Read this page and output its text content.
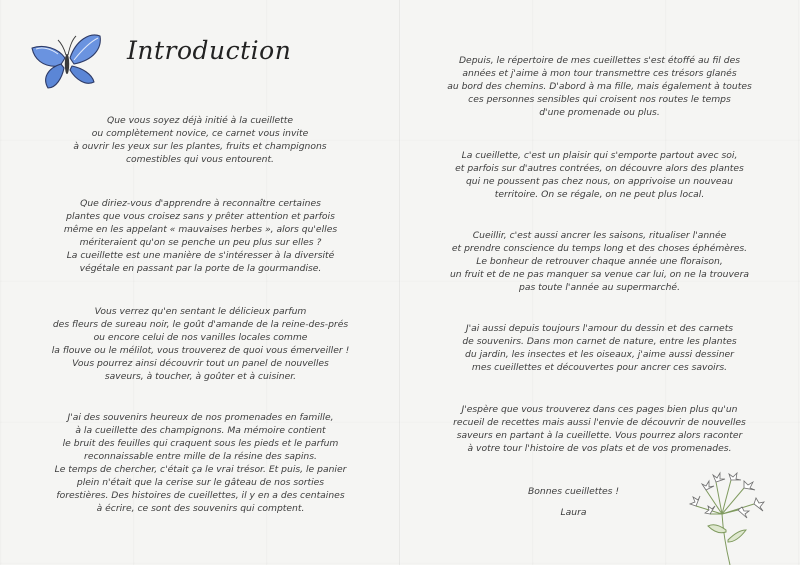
Introduction

Que vous soyez déjà initié à la cueillette
ou complètement novice, ce carnet vous invite
à ouvrir les yeux sur les plantes, fruits et champignons
comestibles qui vous entourent.

Que diriez-vous d'apprendre à reconnaître certaines
plantes que vous croisez sans y prêter attention et parfois
même en les appelant « mauvaises herbes », alors qu'elles
mériteraient qu'on se penche un peu plus sur elles ?
La cueillette est une manière de s'intéresser à la diversité
végétale en passant par la porte de la gourmandise.

Vous verrez qu'en sentant le délicieux parfum
des fleurs de sureau noir, le goût d'amande de la reine-des-prés
ou encore celui de nos vanilles locales comme
la flouve ou le mélilot, vous trouverez de quoi vous émerveiller !
Vous pourrez ainsi découvrir tout un panel de nouvelles
saveurs, à toucher, à goûter et à cuisiner.

J'ai des souvenirs heureux de nos promenades en famille,
à la cueillette des champignons. Ma mémoire contient
le bruit des feuilles qui craquent sous les pieds et le parfum
reconnaissable entre mille de la résine des sapins.
Le temps de chercher, c'était ça le vrai trésor. Et puis, le panier
plein n'était que la cerise sur le gâteau de nos sorties
forestières. Des histoires de cueillettes, il y en a des centaines
à écrire, ce sont des souvenirs qui comptent.

Depuis, le répertoire de mes cueillettes s'est étoffé au fil des
années et j'aime à mon tour transmettre ces trésors glanés
au bord des chemins. D'abord à ma fille, mais également à toutes
ces personnes sensibles qui croisent nos routes le temps
d'une promenade ou plus.

La cueillette, c'est un plaisir qui s'emporte partout avec soi,
et parfois sur d'autres contrées, on découvre alors des plantes
qui ne poussent pas chez nous, on apprivoise un nouveau
territoire. On se régale, on ne peut plus local.

Cueillir, c'est aussi ancrer les saisons, ritualiser l'année
et prendre conscience du temps long et des choses éphémères.
Le bonheur de retrouver chaque année une floraison,
un fruit et de ne pas manquer sa venue car lui, on ne la trouvera
pas toute l'année au supermarché.

J'ai aussi depuis toujours l'amour du dessin et des carnets
de souvenirs. Dans mon carnet de nature, entre les plantes
du jardin, les insectes et les oiseaux, j'aime aussi dessiner
mes cueillettes et découvertes pour ancrer ces savoirs.

J'espère que vous trouverez dans ces pages bien plus qu'un
recueil de recettes mais aussi l'envie de découvrir de nouvelles
saveurs en partant à la cueillette. Vous pourrez alors raconter
à votre tour l'histoire de vos plats et de vos promenades.

Bonnes cueillettes !

Laura
